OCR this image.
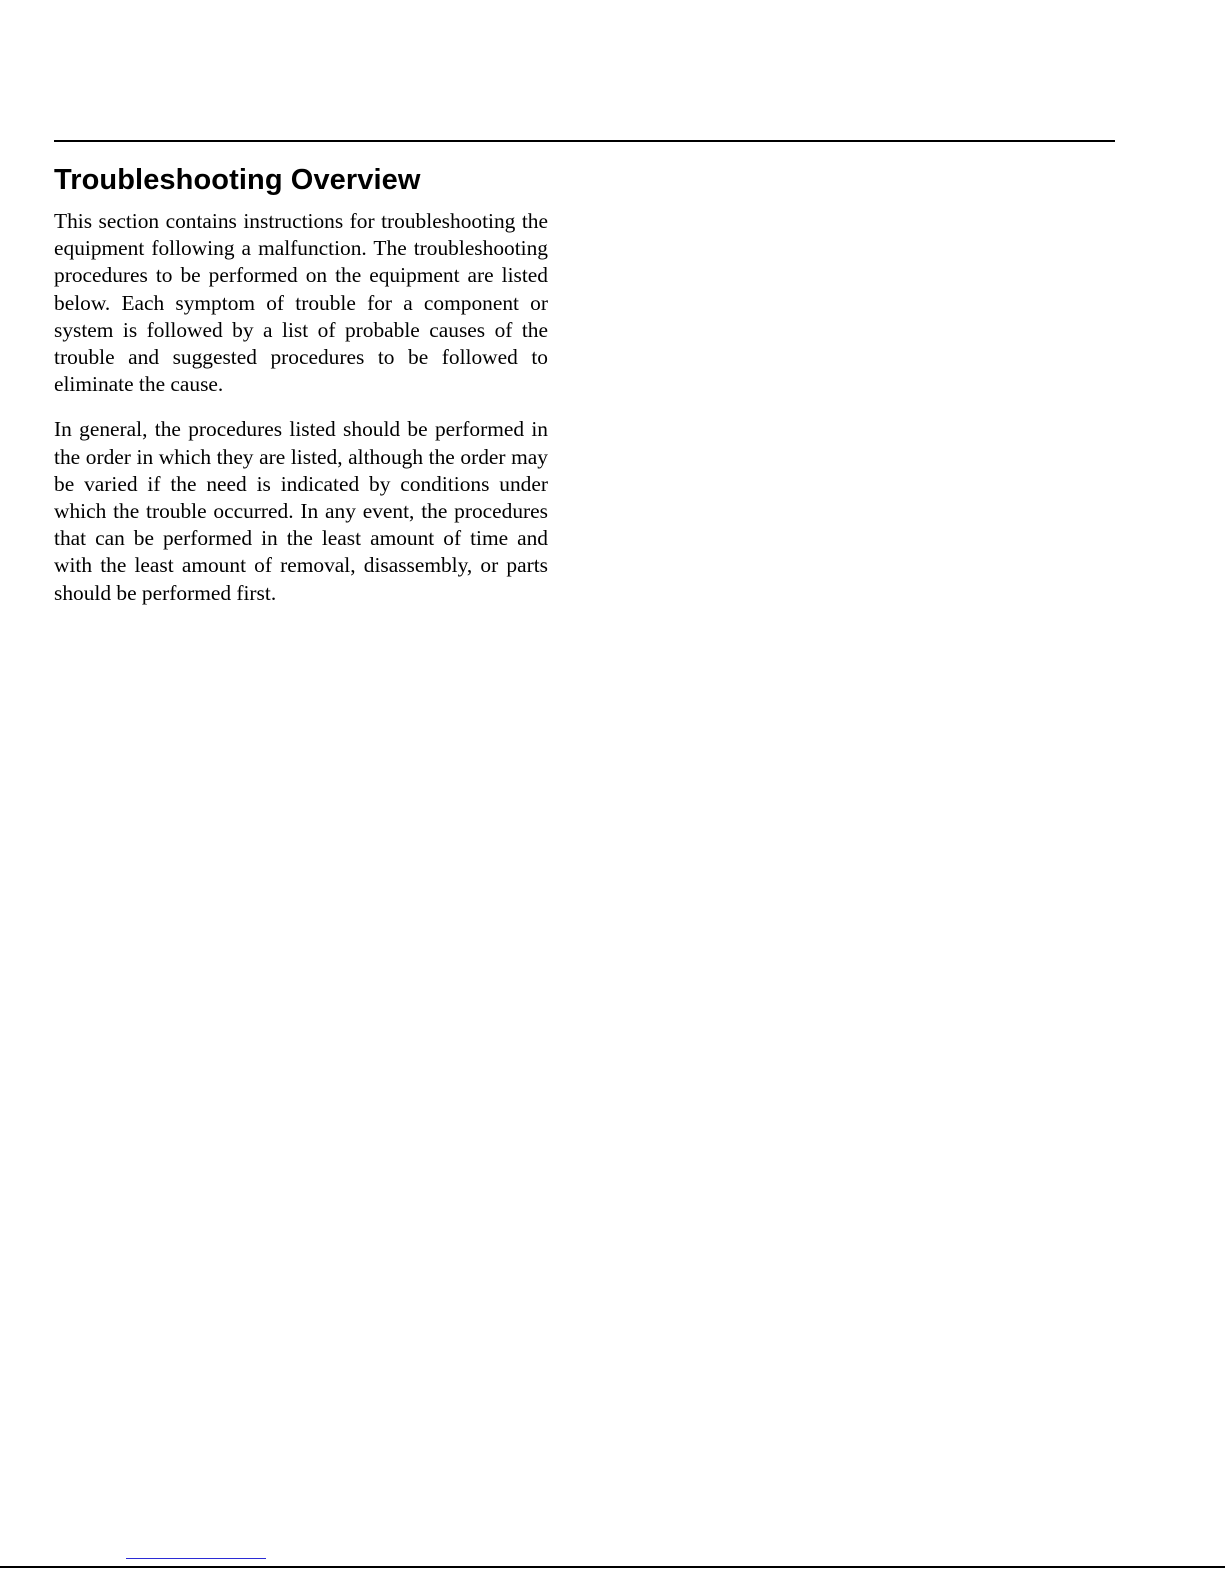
Troubleshooting Overview

This section contains instructions for troubleshooting the equipment following a malfunction. The troubleshooting procedures to be performed on the equipment are listed below. Each symptom of trouble for a component or system is followed by a list of probable causes of the trouble and suggested procedures to be followed to eliminate the cause.

In general, the procedures listed should be performed in the order in which they are listed, although the order may be varied if the need is indicated by conditions under which the trouble occurred. In any event, the procedures that can be performed in the least amount of time and with the least amount of removal, disassembly, or parts should be performed first.
